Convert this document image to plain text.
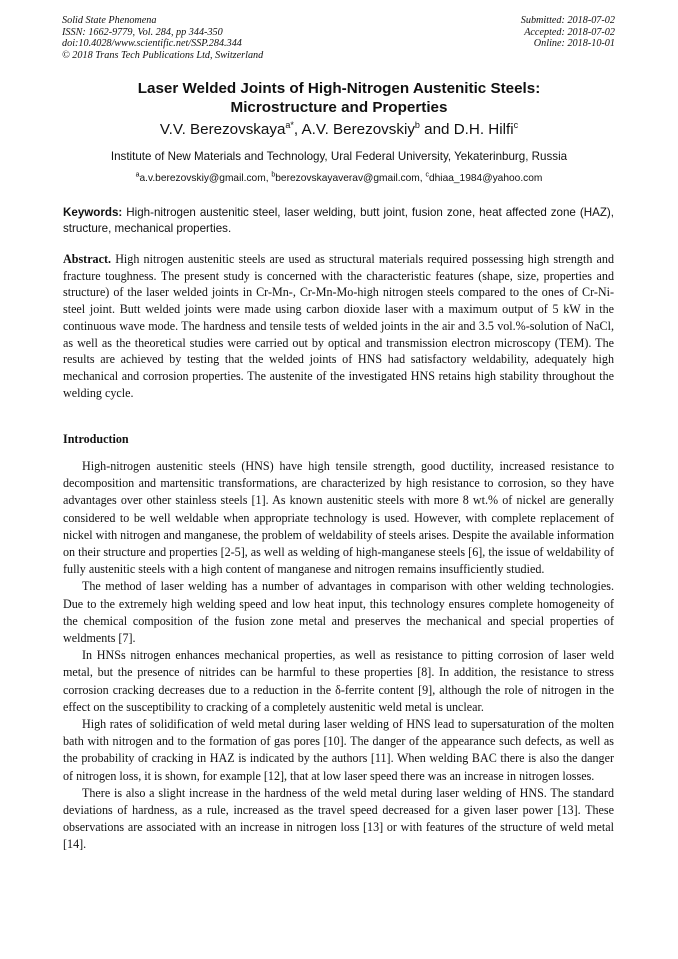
Solid State Phenomena
ISSN: 1662-9779, Vol. 284, pp 344-350
doi:10.4028/www.scientific.net/SSP.284.344
© 2018 Trans Tech Publications Ltd, Switzerland
Submitted: 2018-07-02
Accepted: 2018-07-02
Online: 2018-10-01
Laser Welded Joints of High-Nitrogen Austenitic Steels:
Microstructure and Properties
V.V. Berezovskaya$^{a*}$, A.V. Berezovskiy$^b$ and D.H. Hilfi$^c$
Institute of New Materials and Technology, Ural Federal University, Yekaterinburg, Russia
$^a$a.v.berezovskiy@gmail.com, $^b$berezovskayaverav@gmail.com, $^c$dhiaa_1984@yahoo.com
Keywords: High-nitrogen austenitic steel, laser welding, butt joint, fusion zone, heat affected zone (HAZ), structure, mechanical properties.
Abstract. High nitrogen austenitic steels are used as structural materials required possessing high strength and fracture toughness. The present study is concerned with the characteristic features (shape, size, properties and structure) of the laser welded joints in Cr-Mn-, Cr-Mn-Mo-high nitrogen steels compared to the ones of Cr-Ni-steel joint. Butt welded joints were made using carbon dioxide laser with a maximum output of 5 kW in the continuous wave mode. The hardness and tensile tests of welded joints in the air and 3.5 vol.%-solution of NaCl, as well as the theoretical studies were carried out by optical and transmission electron microscopy (TEM). The results are achieved by testing that the welded joints of HNS had satisfactory weldability, adequately high mechanical and corrosion properties. The austenite of the investigated HNS retains high stability throughout the welding cycle.
Introduction

High-nitrogen austenitic steels (HNS) have high tensile strength, good ductility, increased resistance to decomposition and martensitic transformations, are characterized by high resistance to corrosion, so they have advantages over other stainless steels [1]. As known austenitic steels with more 8 wt.% of nickel are generally considered to be well weldable when appropriate technology is used. However, with complete replacement of nickel with nitrogen and manganese, the problem of weldability of steels arises. Despite the available information on their structure and properties [2-5], as well as welding of high-manganese steels [6], the issue of weldability of fully austenitic steels with a high content of manganese and nitrogen remains insufficiently studied.

The method of laser welding has a number of advantages in comparison with other welding technologies. Due to the extremely high welding speed and low heat input, this technology ensures complete homogeneity of the chemical composition of the fusion zone metal and preserves the mechanical and special properties of weldments [7].

In HNSs nitrogen enhances mechanical properties, as well as resistance to pitting corrosion of laser weld metal, but the presence of nitrides can be harmful to these properties [8]. In addition, the resistance to stress corrosion cracking decreases due to a reduction in the δ-ferrite content [9], although the role of nitrogen in the effect on the susceptibility to cracking of a completely austenitic weld metal is unclear.

High rates of solidification of weld metal during laser welding of HNS lead to supersaturation of the molten bath with nitrogen and to the formation of gas pores [10]. The danger of the appearance such defects, as well as the probability of cracking in HAZ is indicated by the authors [11]. When welding BAC there is also the danger of nitrogen loss, it is shown, for example [12], that at low laser speed there was an increase in nitrogen losses.

There is also a slight increase in the hardness of the weld metal during laser welding of HNS. The standard deviations of hardness, as a rule, increased as the travel speed decreased for a given laser power [13]. These observations are associated with an increase in nitrogen loss [13] or with features of the structure of weld metal [14].
